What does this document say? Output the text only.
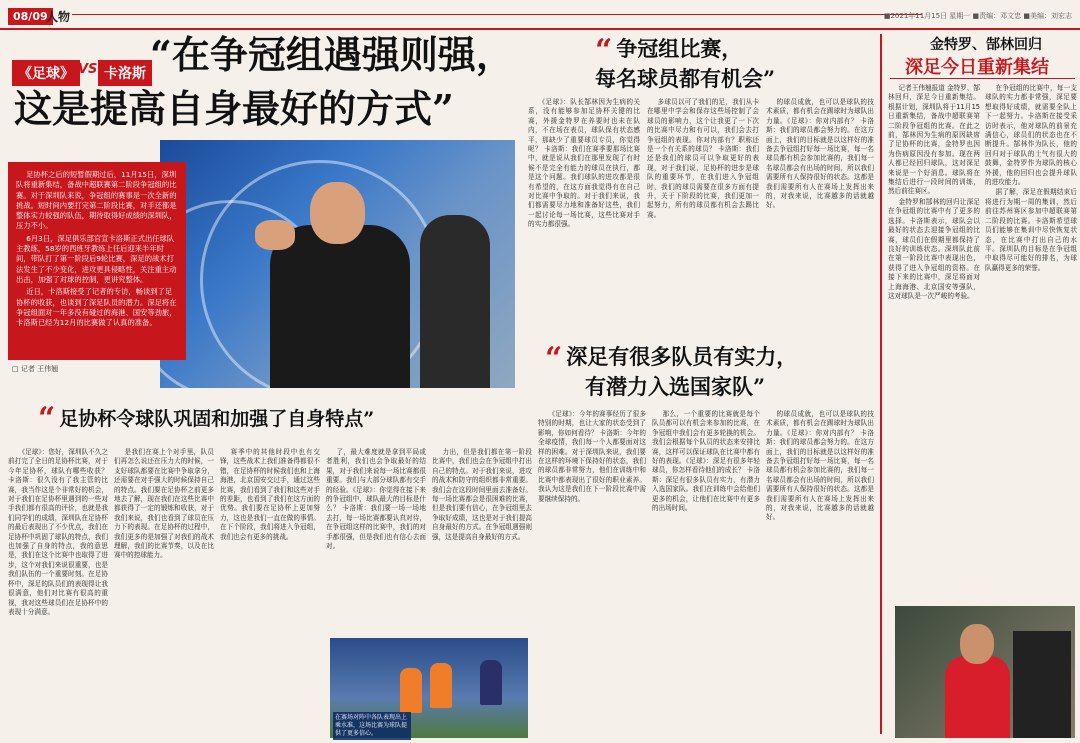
08/09
人物	■2021年11月15日 星期一 ■责编：邓文忠 ■美编：刘宏志
《足球》 VS 卡洛斯 “在争冠组遇强则强，
这是提高自身最好的方式”

足协杯之后的短暂假期过后，11月15日，深圳队将重新集结，备战中超联赛第二阶段争冠组的比赛。对于深圳队来说，争冠组的赛事是一次全新的挑战。短时间内要打完第二阶段比赛，对手还都是整体实力较强的队伍，期待取得好成绩的深圳队，压力不小。

6月3日，深足俱乐部官宣卡洛斯正式出任球队主教练，58岁的西班牙教练上任后迎来半年时间，带队打了第一阶段后9轮比赛，深足的战术打法发生了不少变化，进攻更具侵略性，关注重主动出击，加强了对球的控制，更讲究整体。

近日，卡洛斯接受了记者的专访，畅谈到了足协杯的收获，也谈到了深足队员的潜力。深足将在争冠组面对一年多没有碰过的海港、国安等劲旅，卡洛斯已经为12月的比赛做了认真的准备。

□ 记者 王伟翘
“ 争冠组比赛，
每名球员都有机会”

《足球》：队长郜林因为生病的关系，没有能够参加足协杯关键的比赛，外援金特罗在养要时也未在队内，不在场在表员，球队保有状态感平，那缺少了重要球员专员，你觉得呢？ 卡洛斯：我们在赛季要那场比赛中，就是说从我们在那里发现了有时候不是完全有能力的球员在执行，都是这个问题。我们球队的进攻都是很有希望的，在这方面我觉得有在自己对比赛中争取的。对于我们来说，我们都需要尽力地和准备好这些，我们一起讨论每一场比赛，这些比赛对手的实力都很强。

多球员以可了我们的足，我们从卡在哪里中学会和保存这些场控制了会球员的影响力，这个让我更了一下次的比赛中尽力和有可以，我们会去打争冠组的表现。你对内部有？职称还是一个有关系的球员？ 卡洛斯：我们还是我们的球员可以争取更好的表现，对于我们说，足协杯的进步是球队的重要环节，在我们进入争冠组时，我们的球员需要在很多方面有提升，关于下阶段的比赛，我们更加一起努力，所有的球员都有机会去踢比赛。

的球员成就，也可以是球队的技术素质，都有机会在踢球时为球队出力量。《足球》：你对内部有？ 卡洛斯：我们的球员都会努力的。在这方面上，我们的目标就是以这样好的准备去争冠组打好每一场比赛，每一名球员都有机会参加比赛的，我们每一名球员都会有出场的时间，所以我们需要所有人保持很好的状态。这都是我们需要所有人在赛场上发挥出来的，对我来说，比赛越多的话就越好。

“ 深足有很多队员有实力，
有潜力入选国家队”
“ 足协杯令球队巩固和加强了自身特点”

《足球》：您好，深圳队不久之前打完了全日的足协杯比赛，对于今年足协杯，球队有哪些收获？ 卡洛斯：很久没有了我主管的比赛，我当作这是个非常好的机会，对于我们在足协杯里遇到的一些对手我们都有很高的评价，也就是我们同学们的成绩，深圳队在足协杯的最后表现出了不少优点，我们在足协杯中巩固了球队的特点，我们也加强了自身的特点，我的意思是，我们在这个比赛中也取得了进步，这个对我们来说很重要，也是我们队伍的一个重要时刻。在足协杯中，深足的队员们的表现得让我很满意，他们对比赛有很高的重视，我对这些球员们在足协杯中的表现十分满意。

是我们在赛上个对手里，队员们再怎么说还在压力大的时候，一支好球队都要在比赛中争取拿分，还需要在对手强大的时候保持自己的特点。我们要在足协杯之前更多地去了解，现在我们在这些比赛中都获得了一定的锻炼和收获，对于我们来说，我们也看到了球员在压力下的表现。在足协杯的过程中，我们更多的是加强了对我们的战术理解，我们的比赛节奏，以及在比赛中的控球能力。

赛季中的其他时段中也有交锋，这些战术上我们准备得都很不错，在足协杯的时候我们也和上海海港，北京国安交过手，通过这些比赛，我们看到了我们和这些对手的差距，也看到了我们在这方面的优势。我们要在足协杯上更加努力，这也是我们一直在做的事情。在下个阶段，我们将进入争冠组，我们也会有更多的挑战。

了，最大难度就是拿到平局或者胜利，我们也会争取最好的结果，对于我们来说每一场比赛都很重要。我们与大部分球队都有交手的经验。《足球》：你觉得在接下来的争冠组中，球队最大的目标是什么？ 卡洛斯：我们要一场一场地去打，每一场比赛都要认真对待，在争冠组这样的比赛中，我们的对手都很强，但是我们也有信心去面对。

力出，但是我们都在第一阶段比赛中，我们也会在争冠组中打出自己的特点。对于我们来说，进攻的战术和防守的组织都非常重要。我们会在这段时间里面去准备好。每一场比赛都会是很困难的比赛，但是我们要有信心，在争冠组里去争取好成绩，这也是对于我们提高自身最好的方式。在争冠组遇强则强，这是提高自身最好的方式。

《足球》：今年的赛事经历了很多特别的时期，也让大家的状态受到了影响，你如何看待？ 卡洛斯：今年的全球疫情，我们每一个人都要面对这样的困难。对于深圳队来说，我们要在这样的环境下保持好的状态，我们的球员都非常努力，他们在训练中和比赛中都表现出了很好的职业素养。我认为这是我们在下一阶段比赛中需要继续保持的。

那么，一个重要的比赛就是每个队员都可以有机会来参加的比赛，在争冠组中我们会有更多轮换的机会。我们会根据每个队员的状态来安排比赛，这样可以保证球队在比赛中都有好的表现。《足球》：深足有很多年轻球员，你怎样看待他们的成长？ 卡洛斯：深足有很多队员有实力，有潜力入选国家队。我们在训练中会给他们更多的机会，让他们在比赛中有更多的出场时间。

的球员成就，也可以是球队的技术素质，都有机会在踢球时为球队出力量。《足球》：你对内部有？ 卡洛斯：我们的球员都会努力的。在这方面上，我们的目标就是以这样好的准备去争冠组打好每一场比赛，每一名球员都有机会参加比赛的，我们每一名球员都会有出场的时间，所以我们需要所有人保持很好的状态。这都是我们需要所有人在赛场上发挥出来的，对我来说，比赛越多的话就越好。

在赛场对阵中各队表现出上乘水准，这场比赛为球队提供了更多信心。
金特罗、郜林回归
深足今日重新集结

记者王伟翘报道 金特罗、郜林回归，深足今日重新集结。根据计划，深圳队将于11月15日重新集结，备战中超联赛第二阶段争冠组的比赛。在此之前，郜林因为生病的原因缺席了足协杯的比赛，金特罗也因为伤病原因没有参加。现在两人都已经回归球队，这对深足来说是一个好消息。球队将在集结后进行一段时间的训练，然后前往赛区。

金特罗和郜林的回归让深足在争冠组的比赛中有了更多的选择。卡洛斯表示，球队会以最好的状态去迎接争冠组的比赛，球员们在假期里都保持了良好的训练状态。深圳队此前在第一阶段比赛中表现出色，获得了进入争冠组的资格。在接下来的比赛中，深足将面对上海海港、北京国安等强队，这对球队是一次严峻的考验。

在争冠组的比赛中，每一支球队的实力都非常强，深足要想取得好成绩，就需要全队上下一起努力。卡洛斯在接受采访时表示，他对球队的前景充满信心，球员们的状态也在不断提升。郜林作为队长，他的回归对于球队的士气有很大的鼓舞，金特罗作为球队的核心外援，他的回归也会提升球队的进攻能力。

据了解，深足在假期结束后将进行为期一周的集训，然后前往苏州赛区参加中超联赛第二阶段的比赛。卡洛斯希望球员们能够在集训中尽快恢复状态，在比赛中打出自己的水平。深圳队的目标是在争冠组中取得尽可能好的排名，为球队赢得更多的荣誉。
